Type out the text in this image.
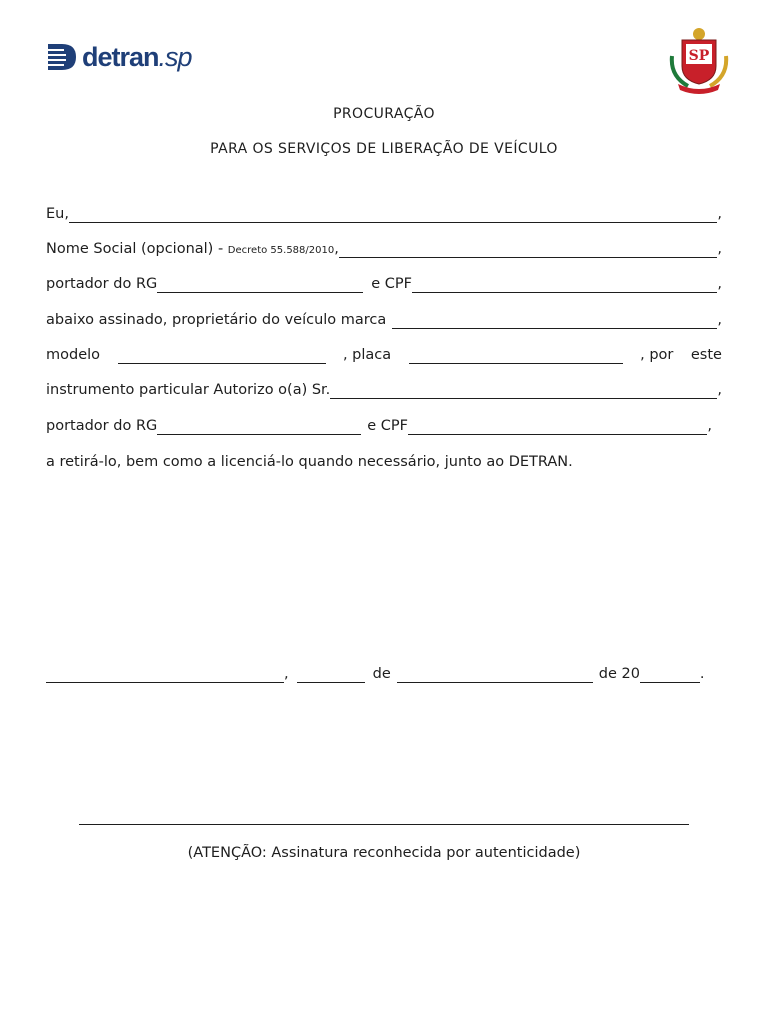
detran.sp	SP
PROCURAÇÃO
PARA OS SERVIÇOS DE LIBERAÇÃO DE VEÍCULO
Eu,	,
Nome Social (opcional) -
Decreto 55.588/2010 ,	,
portador do RG	e CPF	,
abaixo assinado, proprietário do veículo marca	,
modelo	, placa	, por este
instrumento particular Autorizo o(a) Sr.	,
portador do RG	e CPF	,
a retirá-lo, bem como a licenciá-lo quando necessário, junto ao DETRAN.
,	de	de 20	.
(ATENÇÃO: Assinatura reconhecida por autenticidade)
